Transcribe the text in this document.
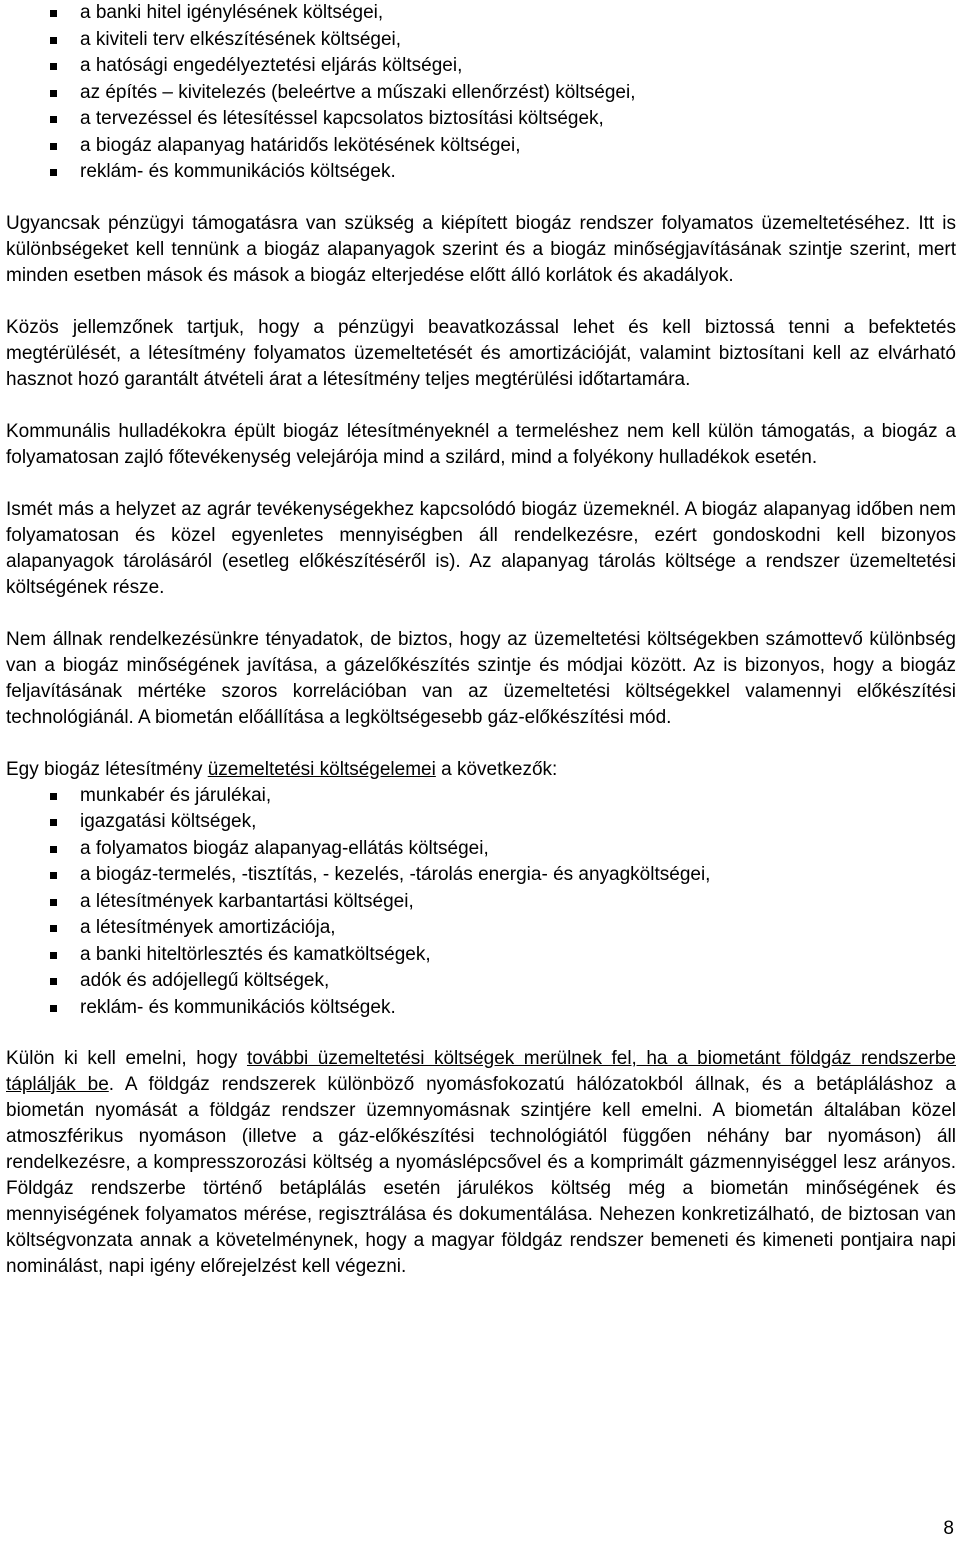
a banki hitel igénylésének költségei,
a kiviteli terv elkészítésének költségei,
a hatósági engedélyeztetési eljárás költségei,
az építés – kivitelezés (beleértve a műszaki ellenőrzést) költségei,
a tervezéssel és létesítéssel kapcsolatos biztosítási költségek,
a biogáz alapanyag határidős lekötésének költségei,
reklám- és kommunikációs költségek.

Ugyancsak pénzügyi támogatásra van szükség a kiépített biogáz rendszer folyamatos üzemeltetéséhez. Itt is különbségeket kell tennünk a biogáz alapanyagok szerint és a biogáz minőségjavításának szintje szerint, mert minden esetben mások és mások a biogáz elterjedése előtt álló korlátok és akadályok.

Közös jellemzőnek tartjuk, hogy a pénzügyi beavatkozással lehet és kell biztossá tenni a befektetés megtérülését, a létesítmény folyamatos üzemeltetését és amortizációját, valamint biztosítani kell az elvárható hasznot hozó garantált átvételi árat a létesítmény teljes megtérülési időtartamára.

Kommunális hulladékokra épült biogáz létesítményeknél a termeléshez nem kell külön támogatás, a biogáz a folyamatosan zajló főtevékenység velejárója mind a szilárd, mind a folyékony hulladékok esetén.

Ismét más a helyzet az agrár tevékenységekhez kapcsolódó biogáz üzemeknél. A biogáz alapanyag időben nem folyamatosan és közel egyenletes mennyiségben áll rendelkezésre, ezért gondoskodni kell bizonyos alapanyagok tárolásáról (esetleg előkészítéséről is). Az alapanyag tárolás költsége a rendszer üzemeltetési költségének része.

Nem állnak rendelkezésünkre tényadatok, de biztos, hogy az üzemeltetési költségekben számottevő különbség van a biogáz minőségének javítása, a gázelőkészítés szintje és módjai között. Az is bizonyos, hogy a biogáz feljavításának mértéke szoros korrelációban van az üzemeltetési költségekkel valamennyi előkészítési technológiánál. A biometán előállítása a legköltségesebb gáz-előkészítési mód.

Egy biogáz létesítmény üzemeltetési költségelemei a következők:

munkabér és járulékai,
igazgatási költségek,
a folyamatos biogáz alapanyag-ellátás költségei,
a biogáz-termelés, -tisztítás, - kezelés, -tárolás energia- és anyagköltségei,
a létesítmények karbantartási költségei,
a létesítmények amortizációja,
a banki hiteltörlesztés és kamatköltségek,
adók és adójellegű költségek,
reklám- és kommunikációs költségek.

Külön ki kell emelni, hogy további üzemeltetési költségek merülnek fel, ha a biometánt földgáz rendszerbe táplálják be. A földgáz rendszerek különböző nyomásfokozatú hálózatokból állnak, és a betápláláshoz a biometán nyomását a földgáz rendszer üzemnyomásnak szintjére kell emelni. A biometán általában közel atmoszférikus nyomáson (illetve a gáz-előkészítési technológiától függően néhány bar nyomáson) áll rendelkezésre, a kompresszorozási költség a nyomáslépcsővel és a komprimált gázmennyiséggel lesz arányos. Földgáz rendszerbe történő betáplálás esetén járulékos költség még a biometán minőségének és mennyiségének folyamatos mérése, regisztrálása és dokumentálása. Nehezen konkretizálható, de biztosan van költségvonzata annak a követelménynek, hogy a magyar földgáz rendszer bemeneti és kimeneti pontjaira napi nominálást, napi igény előrejelzést kell végezni.

8
